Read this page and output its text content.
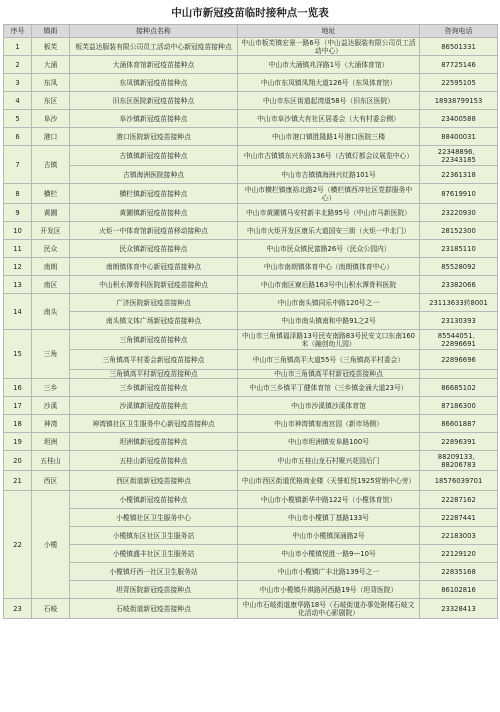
中山市新冠疫苗临时接种点一览表
序号	镇街	接种点名称	地址	咨询电话
1	板芙	板芙益达服装有限公司员工活动中心新冠疫苗接种点	中山市板芙镇宏景一路6号（中山益达服装有限公司员工活动中心）	86501331
2	大涌	大涌体育馆新冠疫苗接种点	中山市大涌镇兆洋路1号（大涌体育馆）	87725146
3	东凤	东凤镇新冠疫苗接种点	中山市东凤镇凤翔大道126号（东凤体育馆）	22595105
4	东区	旧东区医院新冠疫苗接种点	中山市东区街道起湾道58号（旧东区医院）	18938799153
5	阜沙	阜沙镇新冠疫苗接种点	中山市阜沙镇大有社区居委会（大有村委会侧）	23400588
6	港口	港口医院新冠疫苗接种点	中山市港口镇胜隆路1号港口医院三楼	88400031
7	古镇	古镇镇新冠疫苗接种点	中山市古镇镇东兴东路136号（古镇灯都会议展览中心）	22348896、22343185
		古镇海洲医院接种点	中山市古镇镇海洲兴红路101号	22361318
8	横栏	横栏镇新冠疫苗接种点	中山市横栏镇康裕北路2号（横栏镇西冲社区党群服务中心）	87619910
9	黄圃	黄圃镇新冠疫苗接种点	中山市黄圃镇马安村新丰北路95号（中山市马新医院）	23220930
10	开发区	火炬一中体育馆新冠疫苗移动接种点	中山市火炬开发区康乐大道国安三街（火炬一中北门）	28152300
11	民众	民众镇新冠疫苗接种点	中山市民众镇民富路26号（民众公园内）	23185110
12	南朗	南朗镇体育中心新冠疫苗接种点	中山市南朗镇体育中心（南朗镇体育中心）	85528092
13	南区	中山积水潭骨科医院新冠疫苗接种点	中山市南区寮后路163号中山积水潭骨科医院	23382066
14	南头	广济医院新冠疫苗接种点	中山市南头镇同乐中路120号之一	23113633转8001
		南头镇文体广场新冠疫苗接种点	中山市南头镇南和中路91之2号	23130393
15	三角	三角镇新冠疫苗接种点	中山市三角镇福泽路13号民安南路83号民安文口东南160米（融创幼儿园）	85544051、22896691
		三角镇高平村委会新冠疫苗接种点	中山市三角镇高平大道55号（三角镇高平村委会）	22896696
		三角镇高平村新冠疫苗接种点	中山市三角镇高平村新冠疫苗接种点	
16	三乡	三乡镇新冠疫苗接种点	中山市三乡镇平丁健体育馆（三乡镇金涌大道23号）	86685102
17	沙溪	沙溪镇新冠疫苗接种点	中山市沙溪镇沙溪体育馆	87186300
18	神湾	神湾镇社区卫生服务中心新冠疫苗接种点	中山市神湾镇宥南宫园（新市场侧）	86601887
19	坦洲	坦洲镇新冠疫苗接种点	中山市坦洲镇安阜路100号	22896391
20	五桂山	五桂山新冠疫苗接种点	中山市五桂山龙石村聚兴花园后门	88209133、88206783
21	西区	西区街道新冠疫苗接种点	中山市西区街道优格商业楼（天誉虹悦1925营销中心旁）	18576039701
22	小榄	小榄镇新冠疫苗接种点	中山市小榄镇新华中路122号（小榄体育馆）	22287162
		小榄镇社区卫生服务中心	中山市小榄镇丁基路133号	22287441
		小榄镇东区社区卫生服务站	中山市小榄镇深涌路2号	22183003
		小榄镇盛丰社区卫生服务站	中山市小榄镇悦胜一路9—10号	22129120
		小榄镇圩西一社区卫生服务站	中山市小榄镇广丰北路139号之一	22835168
		坦背医院新冠疫苗接种点	中山市小榄镇升祺路河西路19号（坦背医院）	86102816
23	石岐	石岐街道新冠疫苗接种点	中山市石岐街道康华路18号（石岐街道办事处附楼石岐文化活动中心影剧院）	23328413
